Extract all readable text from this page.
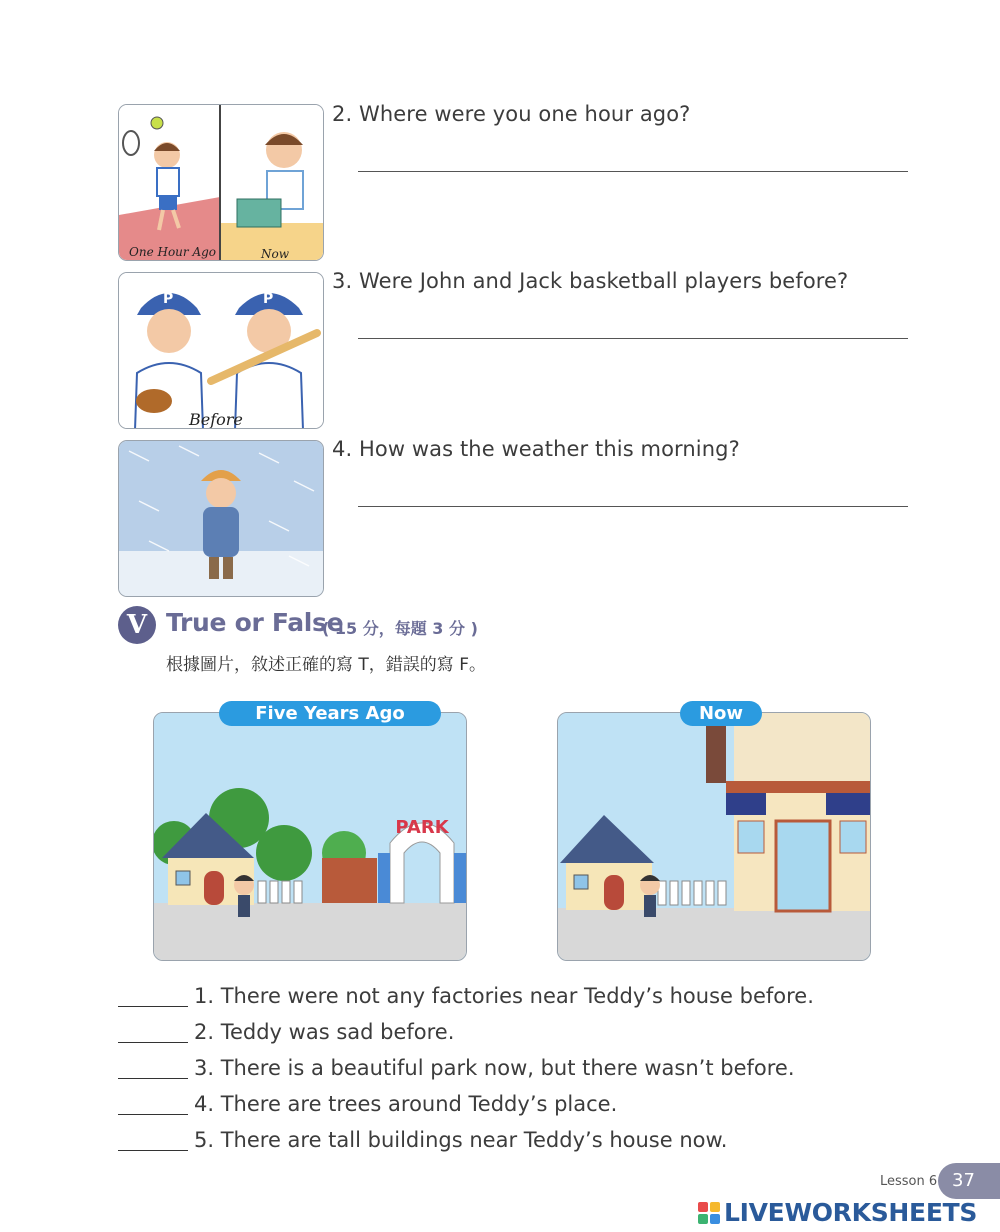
One Hour Ago	Now
2. Where were you one hour ago?
P	P
Before
3. Were John and Jack basketball players before?
4. How was the weather this morning?
V True or False
( 15 分，每題 3 分 )
根據圖片，敘述正確的寫 T，錯誤的寫 F。
PARK
Five Years Ago	Now
1. There were not any factories near Teddy’s house before.
2. Teddy was sad before.
3. There is a beautiful park now, but there wasn’t before.
4. There are trees around Teddy’s place.
5. There are tall buildings near Teddy’s house now.
Lesson 6 37
LIVEWORKSHEETS
